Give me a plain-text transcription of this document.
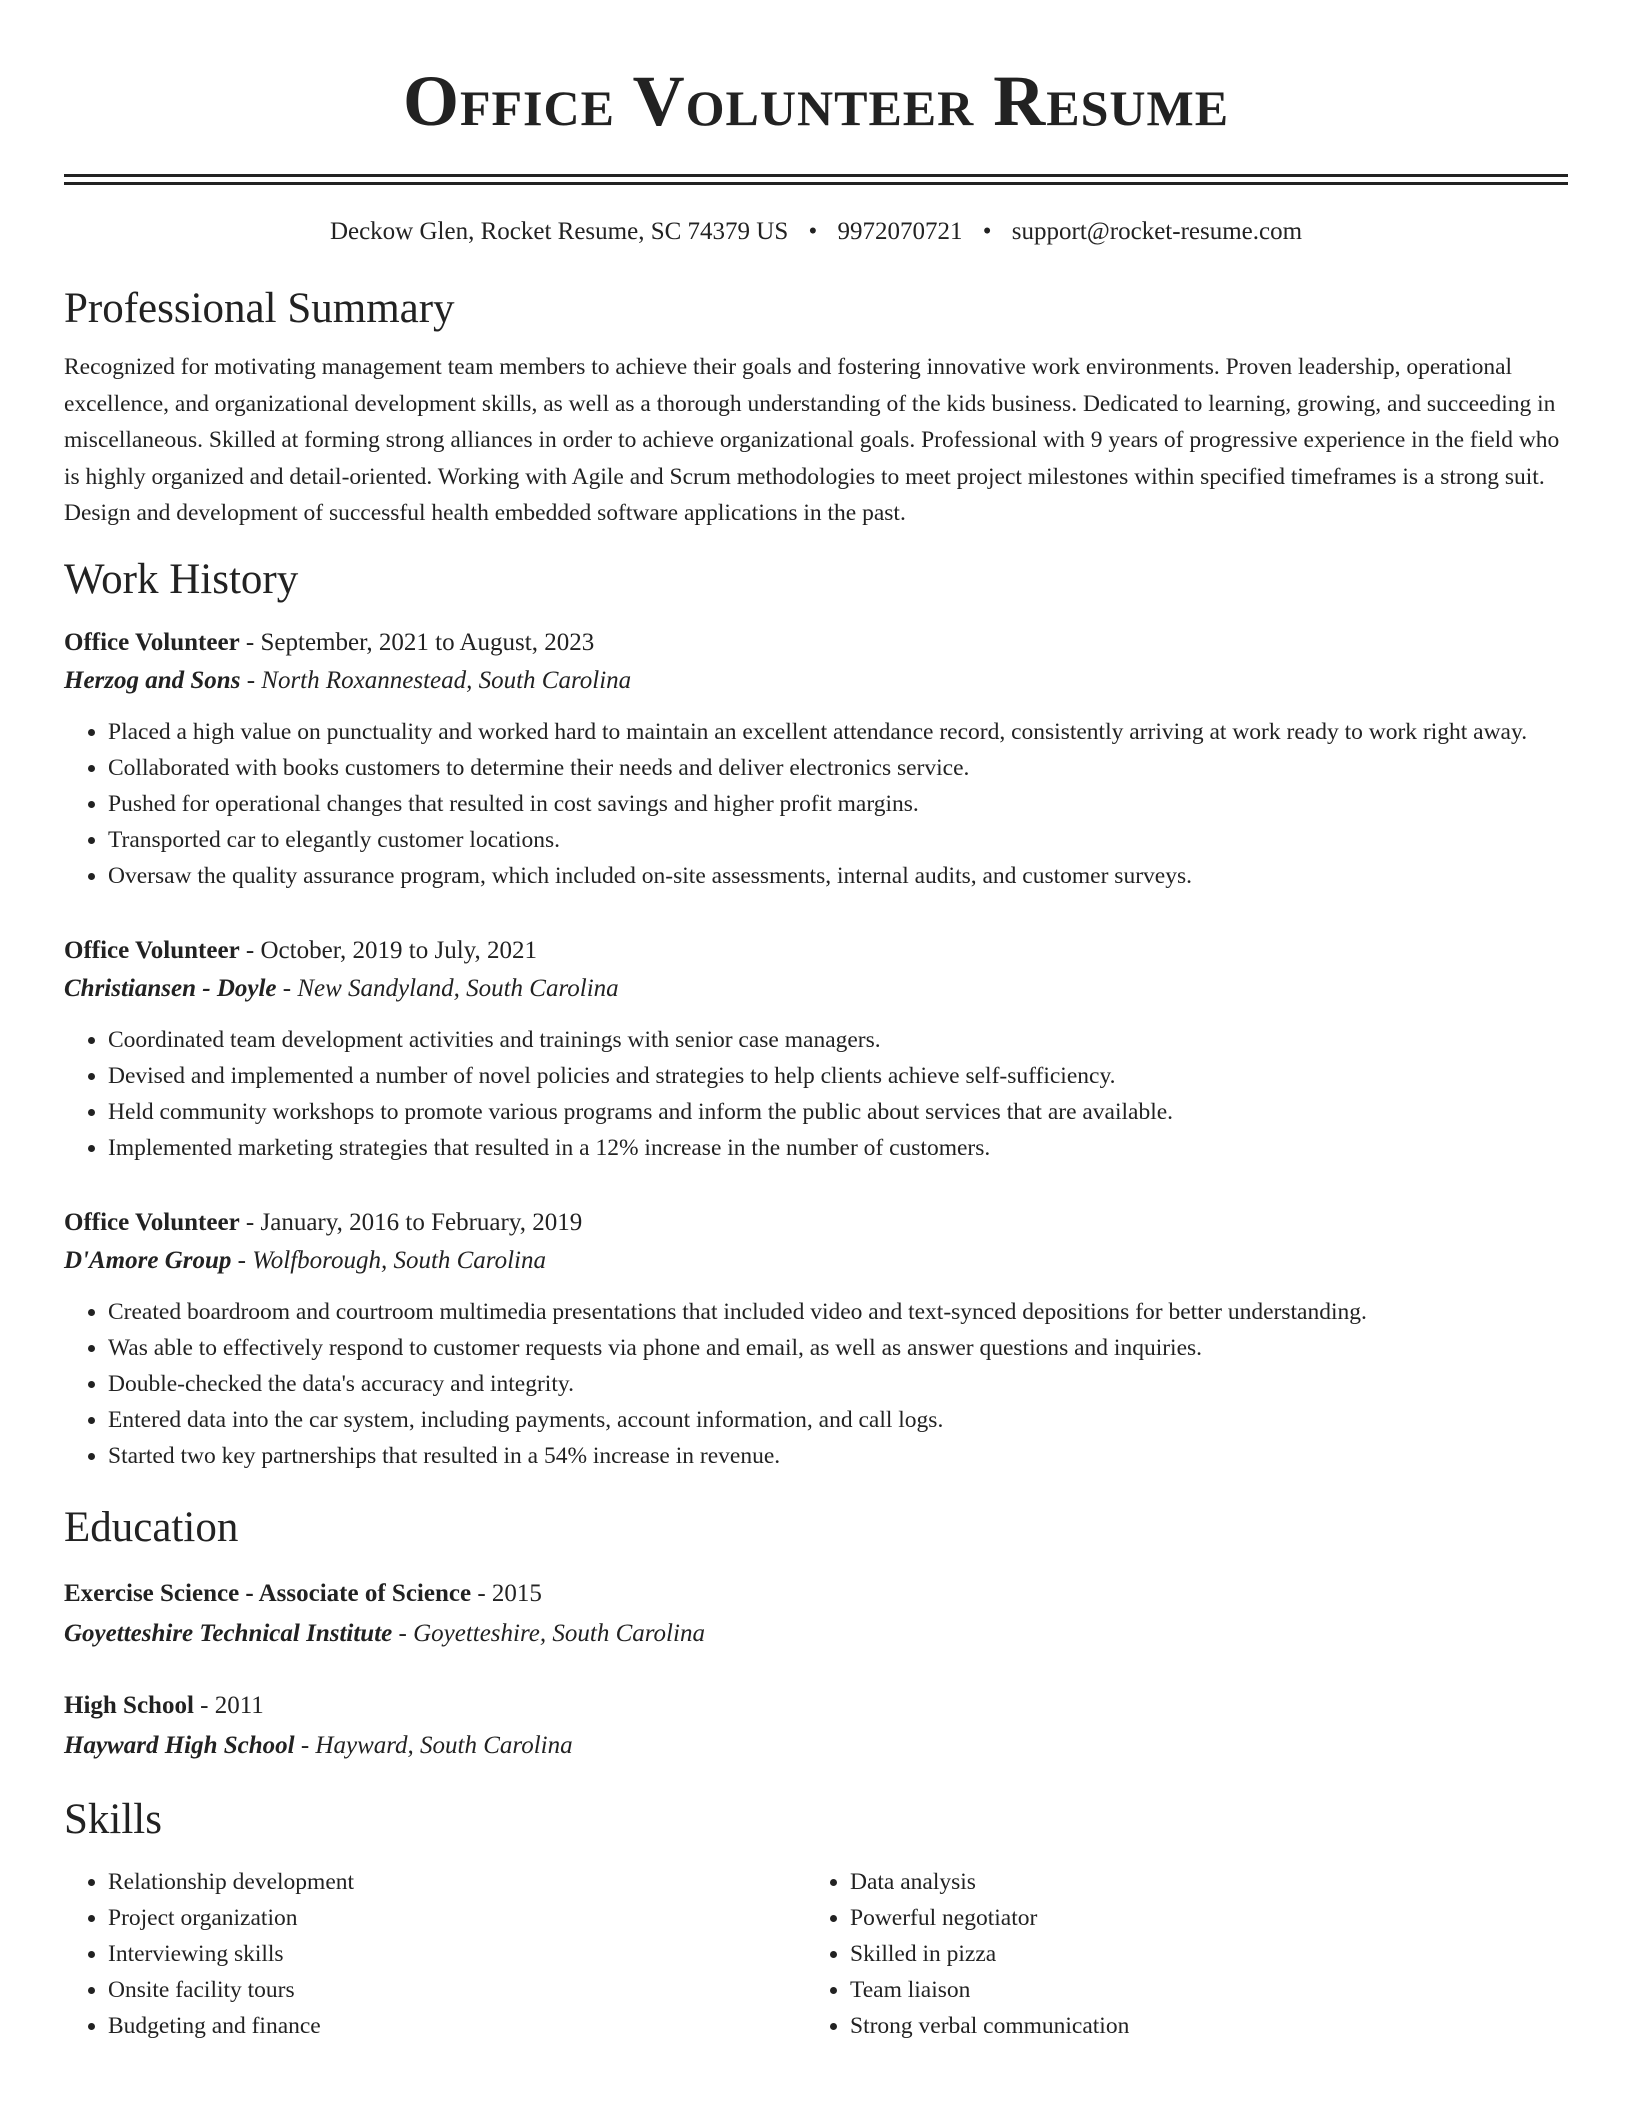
Office Volunteer Resume
Deckow Glen, Rocket Resume, SC 74379 US • 9972070721 • support@rocket-resume.com
Professional Summary
Recognized for motivating management team members to achieve their goals and fostering innovative work environments. Proven leadership, operational excellence, and organizational development skills, as well as a thorough understanding of the kids business. Dedicated to learning, growing, and succeeding in miscellaneous. Skilled at forming strong alliances in order to achieve organizational goals. Professional with 9 years of progressive experience in the field who is highly organized and detail-oriented. Working with Agile and Scrum methodologies to meet project milestones within specified timeframes is a strong suit. Design and development of successful health embedded software applications in the past.
Work History
Office Volunteer - September, 2021 to August, 2023
Herzog and Sons - North Roxannestead, South Carolina
• Placed a high value on punctuality and worked hard to maintain an excellent attendance record, consistently arriving at work ready to work right away.
• Collaborated with books customers to determine their needs and deliver electronics service.
• Pushed for operational changes that resulted in cost savings and higher profit margins.
• Transported car to elegantly customer locations.
• Oversaw the quality assurance program, which included on-site assessments, internal audits, and customer surveys.
Office Volunteer - October, 2019 to July, 2021
Christiansen - Doyle - New Sandyland, South Carolina
• Coordinated team development activities and trainings with senior case managers.
• Devised and implemented a number of novel policies and strategies to help clients achieve self-sufficiency.
• Held community workshops to promote various programs and inform the public about services that are available.
• Implemented marketing strategies that resulted in a 12% increase in the number of customers.
Office Volunteer - January, 2016 to February, 2019
D'Amore Group - Wolfborough, South Carolina
• Created boardroom and courtroom multimedia presentations that included video and text-synced depositions for better understanding.
• Was able to effectively respond to customer requests via phone and email, as well as answer questions and inquiries.
• Double-checked the data's accuracy and integrity.
• Entered data into the car system, including payments, account information, and call logs.
• Started two key partnerships that resulted in a 54% increase in revenue.
Education
Exercise Science - Associate of Science - 2015
Goyetteshire Technical Institute - Goyetteshire, South Carolina
High School - 2011
Hayward High School - Hayward, South Carolina
Skills
• Relationship development
• Project organization
• Interviewing skills
• Onsite facility tours
• Budgeting and finance
• Data analysis
• Powerful negotiator
• Skilled in pizza
• Team liaison
• Strong verbal communication
